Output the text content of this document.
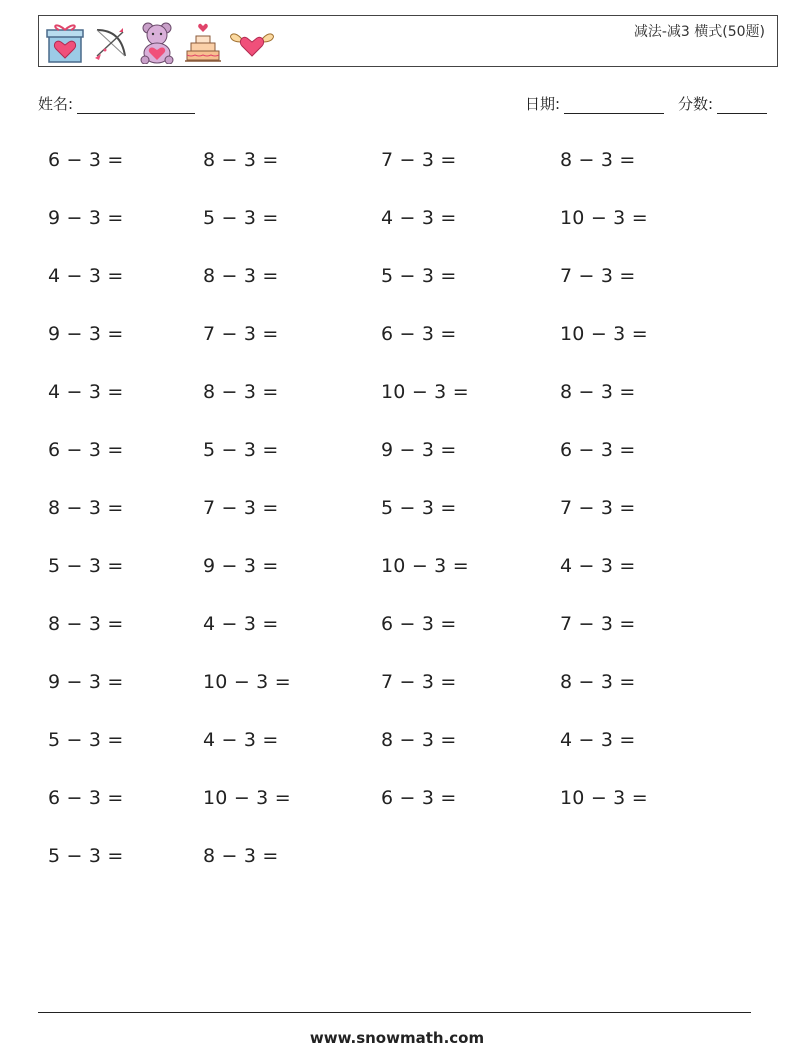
减法-减3 横式(50题)
姓名:	日期:	分数:
6 − 3 =	8 − 3 =	7 − 3 =	8 − 3 =
9 − 3 =	5 − 3 =	4 − 3 =	10 − 3 =
4 − 3 =	8 − 3 =	5 − 3 =	7 − 3 =
9 − 3 =	7 − 3 =	6 − 3 =	10 − 3 =
4 − 3 =	8 − 3 =	10 − 3 =	8 − 3 =
6 − 3 =	5 − 3 =	9 − 3 =	6 − 3 =
8 − 3 =	7 − 3 =	5 − 3 =	7 − 3 =
5 − 3 =	9 − 3 =	10 − 3 =	4 − 3 =
8 − 3 =	4 − 3 =	6 − 3 =	7 − 3 =
9 − 3 =	10 − 3 =	7 − 3 =	8 − 3 =
5 − 3 =	4 − 3 =	8 − 3 =	4 − 3 =
6 − 3 =	10 − 3 =	6 − 3 =	10 − 3 =
5 − 3 =	8 − 3 =
www.snowmath.com
